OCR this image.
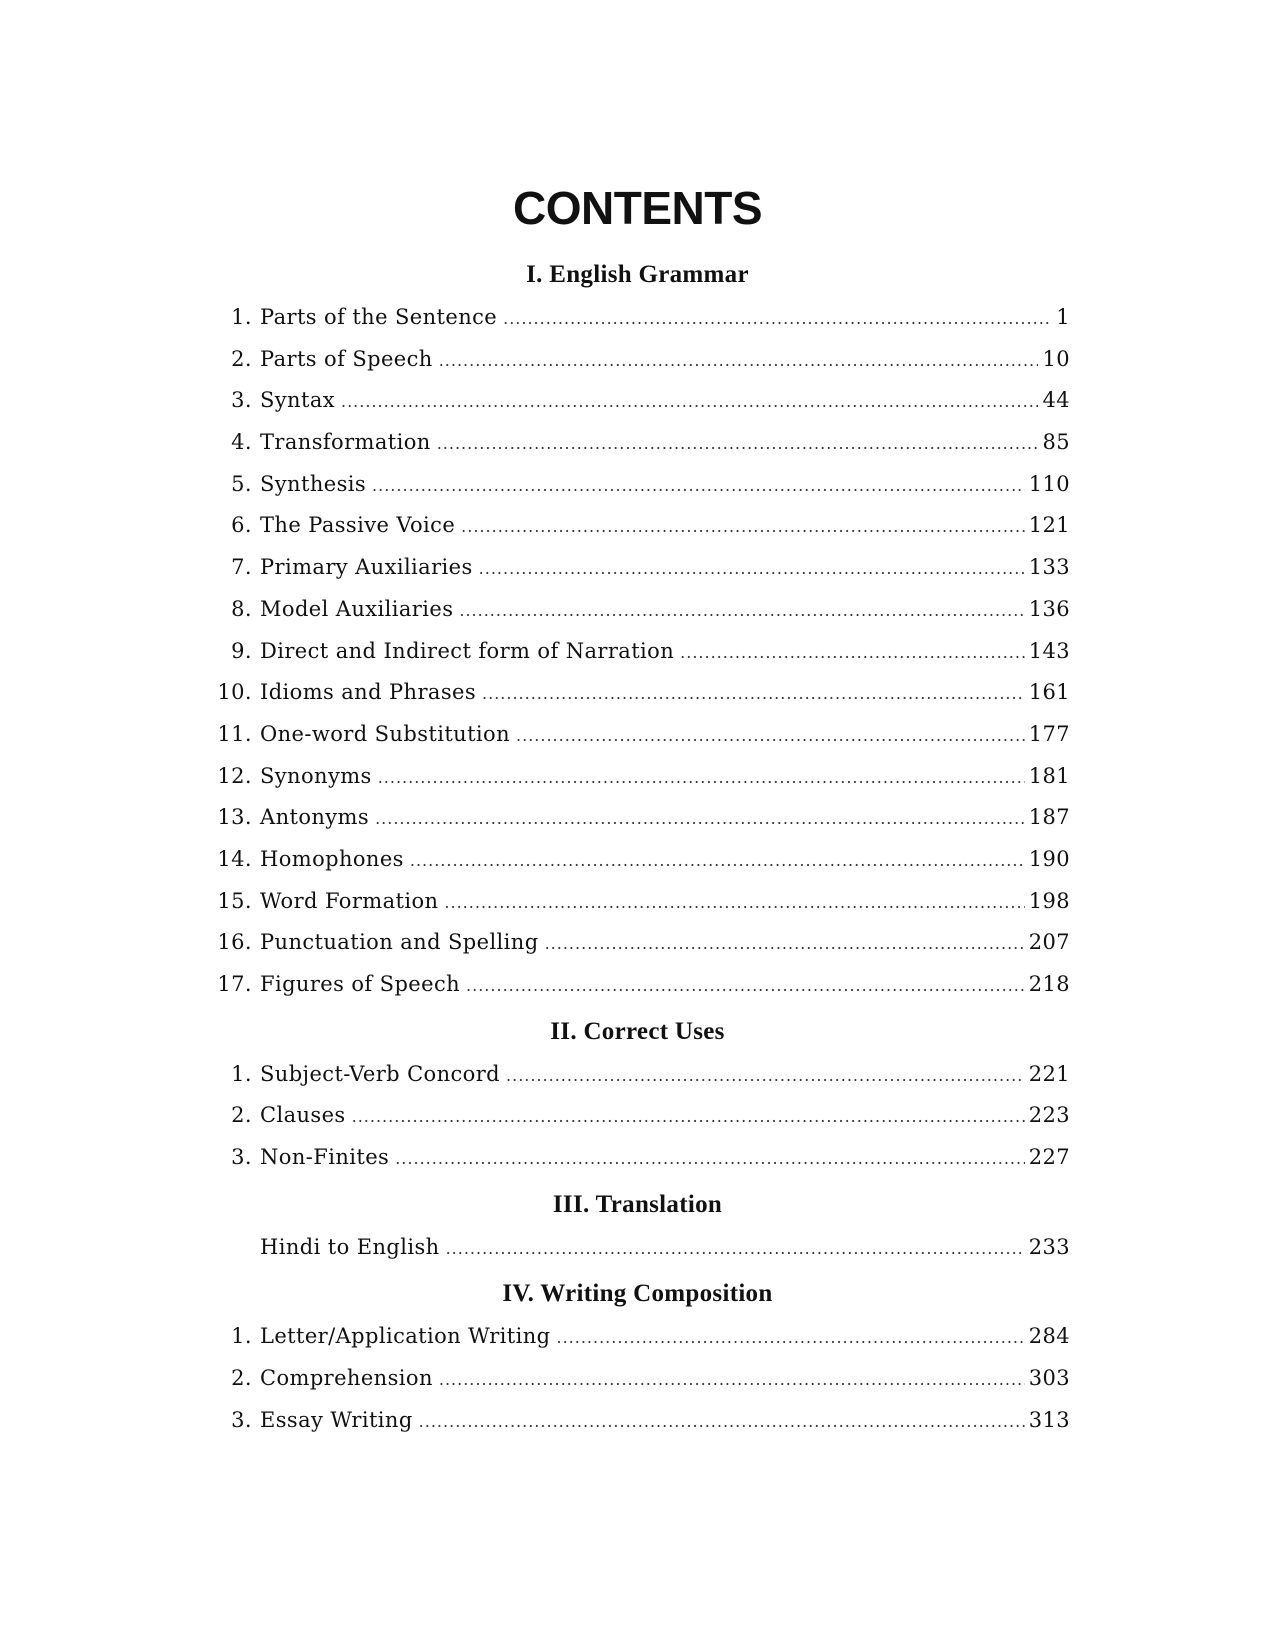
CONTENTS
I. English Grammar
1. Parts of the Sentence .....	1
2. Parts of Speech .....	10
3. Syntax .....	44
4. Transformation .....	85
5. Synthesis .....	110
6. The Passive Voice .....	121
7. Primary Auxiliaries .....	133
8. Model Auxiliaries .....	136
9. Direct and Indirect form of Narration .....	143
10. Idioms and Phrases .....	161
11. One-word Substitution .....	177
12. Synonyms .....	181
13. Antonyms .....	187
14. Homophones .....	190
15. Word Formation .....	198
16. Punctuation and Spelling .....	207
17. Figures of Speech .....	218
II. Correct Uses
1. Subject-Verb Concord .....	221
2. Clauses .....	223
3. Non-Finites .....	227
III. Translation
Hindi to English .....	233
IV. Writing Composition
1. Letter/Application Writing .....	284
2. Comprehension .....	303
3. Essay Writing .....	313
